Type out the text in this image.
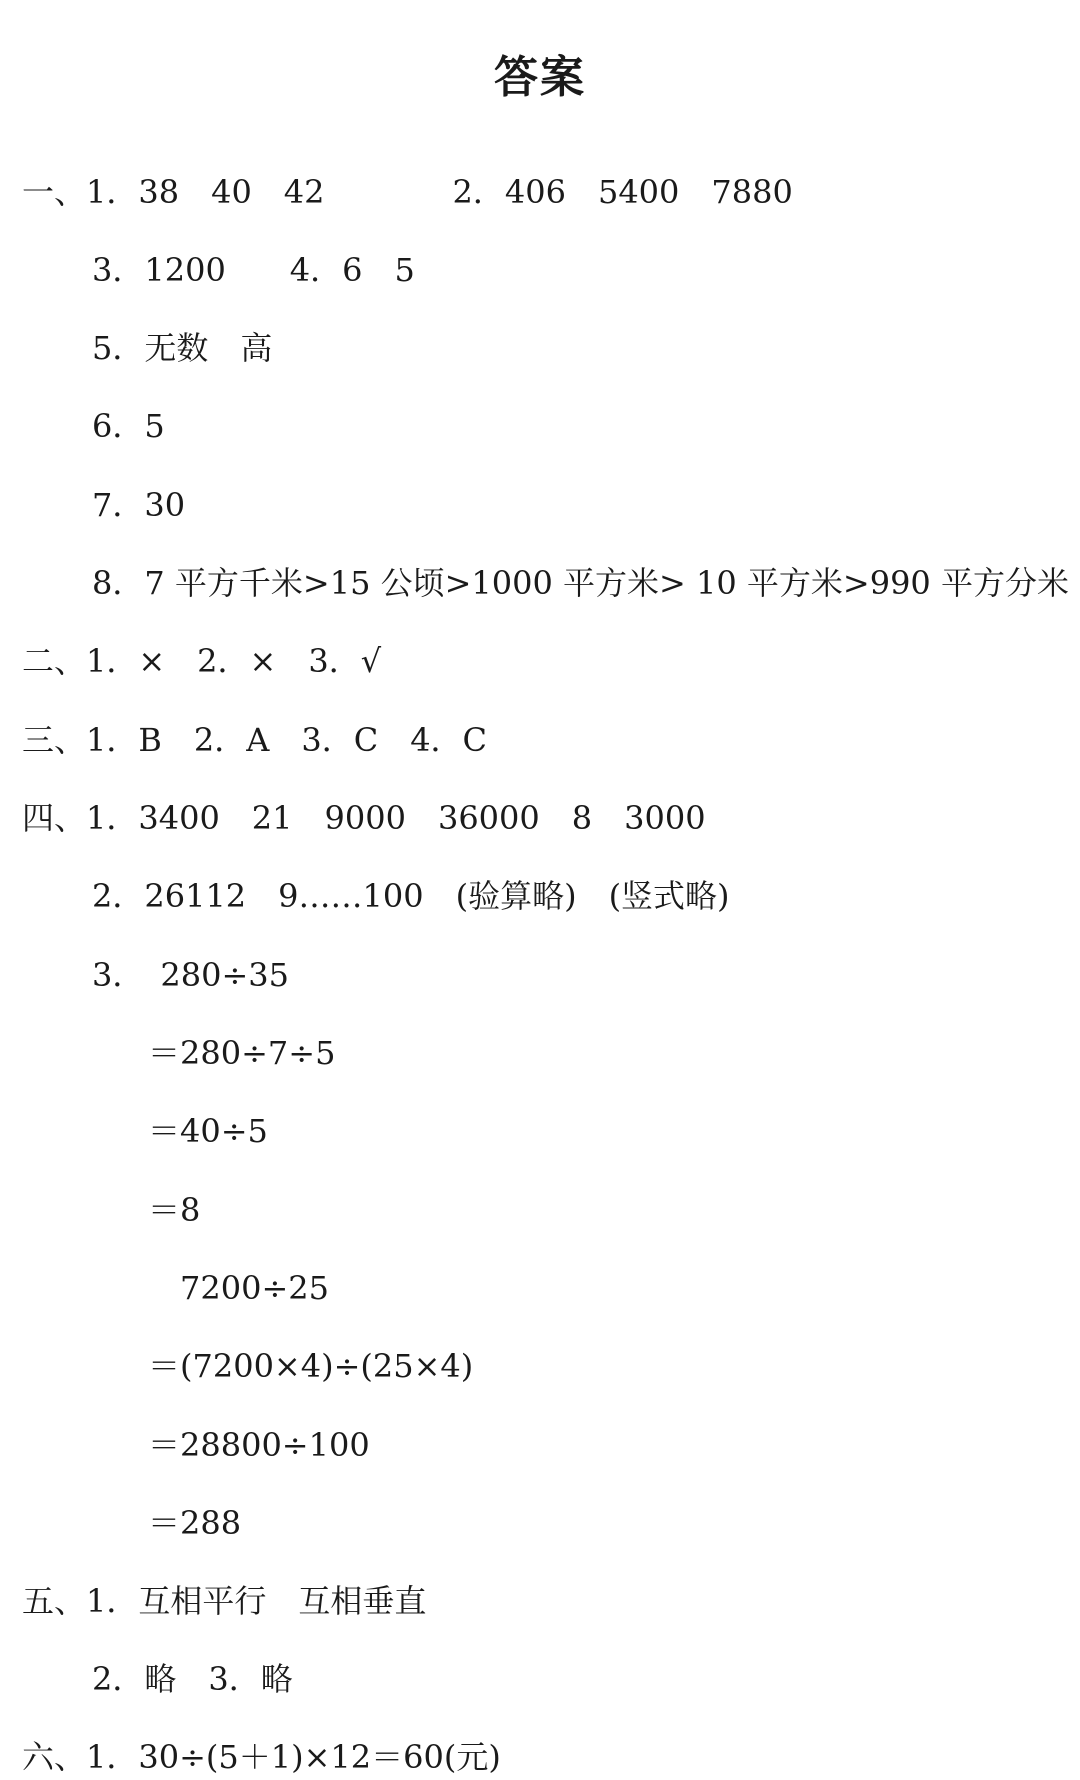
答案
一、1．38　40　42　　　　2．406　5400　7880
3．1200　　4．6　5
5．无数　高
6．5
7．30
8．7 平方千米>15 公顷>1000 平方米> 10 平方米>990 平方分米
二、1．×　2．×　3．√
三、1．B　2．A　3．C　4．C
四、1．3400　21　9000　36000　8　3000
2．26112　9……100　(验算略)　(竖式略)
3．　280÷35
＝280÷7÷5
＝40÷5
＝8
7200÷25
＝(7200×4)÷(25×4)
＝28800÷100
＝288
五、1．互相平行　互相垂直
2．略　3．略
六、1．30÷(5＋1)×12＝60(元)
